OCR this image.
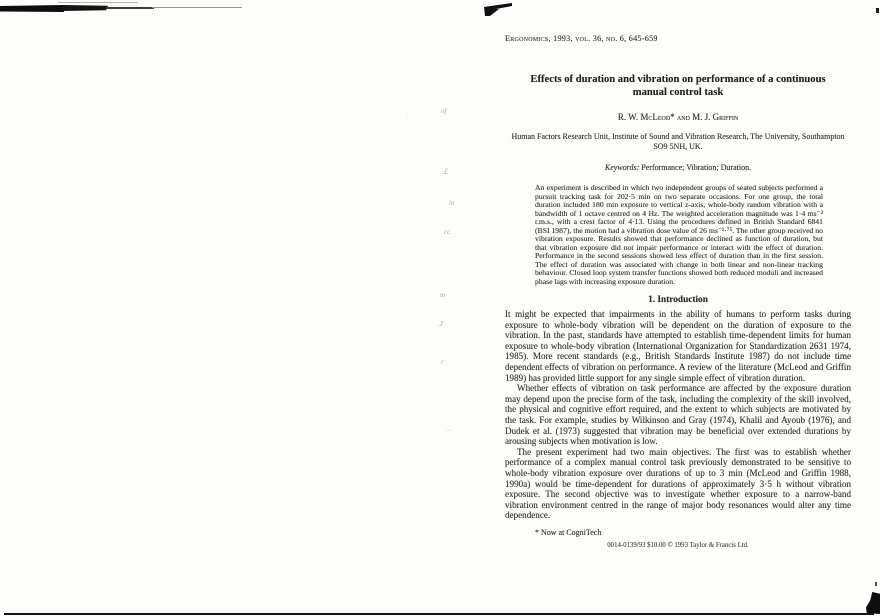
of
,
£
in
cc
m
.J
r
~
Ergonomics, 1993, vol. 36, no. 6, 645-659
Effects of duration and vibration on performance of a continuous
manual control task
R. W. McLeod* and M. J. Griffin
Human Factors Research Unit, Institute of Sound and Vibration Research, The University, Southampton SO9 5NH, UK.
Keywords: Performance; Vibration; Duration.
An experiment is described in which two independent groups of seated subjects performed a pursuit tracking task for 202·5 min on two separate occasions. For one group, the total duration included 180 min exposure to vertical z-axis, whole-body random vibration with a bandwidth of 1 octave centred on 4 Hz. The weighted acceleration magnitude was 1·4 ms⁻² r.m.s., with a crest factor of 4·13. Using the procedures defined in British Standard 6841 (BSI 1987), the motion had a vibration dose value of 26 ms⁻¹·⁷⁵. The other group received no vibration exposure. Results showed that performance declined as function of duration, but that vibration exposure did not impair performance or interact with the effect of duration. Performance in the second sessions showed less effect of duration than in the first session. The effect of duration was associated with change in both linear and non-linear tracking behaviour. Closed loop system transfer functions showed both reduced moduli and increased phase lags with increasing exposure duration.
1. Introduction

It might be expected that impairments in the ability of humans to perform tasks during exposure to whole-body vibration will be dependent on the duration of exposure to the vibration. In the past, standards have attempted to establish time-dependent limits for human exposure to whole-body vibration (International Organization for Standardization 2631 1974, 1985). More recent standards (e.g., British Standards Institute 1987) do not include time dependent effects of vibration on performance. A review of the literature (McLeod and Griffin 1989) has provided little support for any single simple effect of vibration duration.

Whether effects of vibration on task performance are affected by the exposure duration may depend upon the precise form of the task, including the complexity of the skill involved, the physical and cognitive effort required, and the extent to which subjects are motivated by the task. For example, studies by Wilkinson and Gray (1974), Khalil and Ayoub (1976), and Dudek et al. (1973) suggested that vibration may be beneficial over extended durations by arousing subjects when motivation is low.

The present experiment had two main objectives. The first was to establish whether performance of a complex manual control task previously demonstrated to be sensitive to whole-body vibration exposure over durations of up to 3 min (McLeod and Griffin 1988, 1990a) would be time-dependent for durations of approximately 3·5 h without vibration exposure. The second objective was to investigate whether exposure to a narrow-band vibration environment centred in the range of major body resonances would alter any time dependence.

* Now at CogniTech
0014-0139/93 $10.00 © 1993 Taylor & Francis Ltd.
